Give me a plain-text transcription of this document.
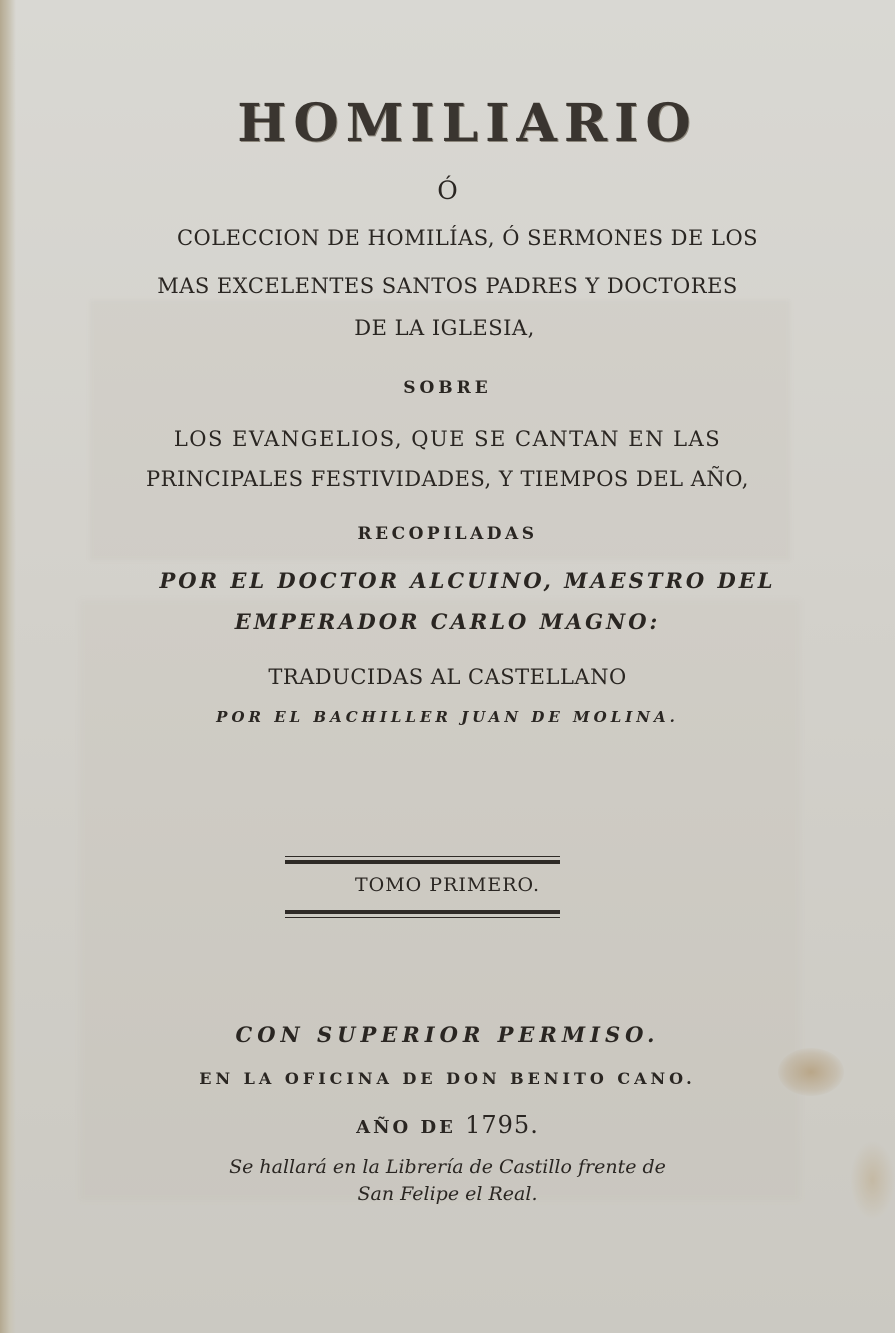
HOMILIARIO

Ó

COLECCION DE HOMILÍAS, Ó SERMONES DE LOS

MAS EXCELENTES SANTOS PADRES Y DOCTORES

DE LA IGLESIA,

SOBRE

LOS EVANGELIOS, QUE SE CANTAN EN LAS

PRINCIPALES FESTIVIDADES, Y TIEMPOS DEL AÑO,

RECOPILADAS

POR EL DOCTOR ALCUINO, MAESTRO DEL

EMPERADOR CARLO MAGNO:

TRADUCIDAS AL CASTELLANO

POR EL BACHILLER JUAN DE MOLINA.

TOMO PRIMERO.

CON SUPERIOR PERMISO.

EN LA OFICINA DE DON BENITO CANO.

AÑO DE 1795.

Se hallará en la Librería de Castillo frente de

San Felipe el Real.
